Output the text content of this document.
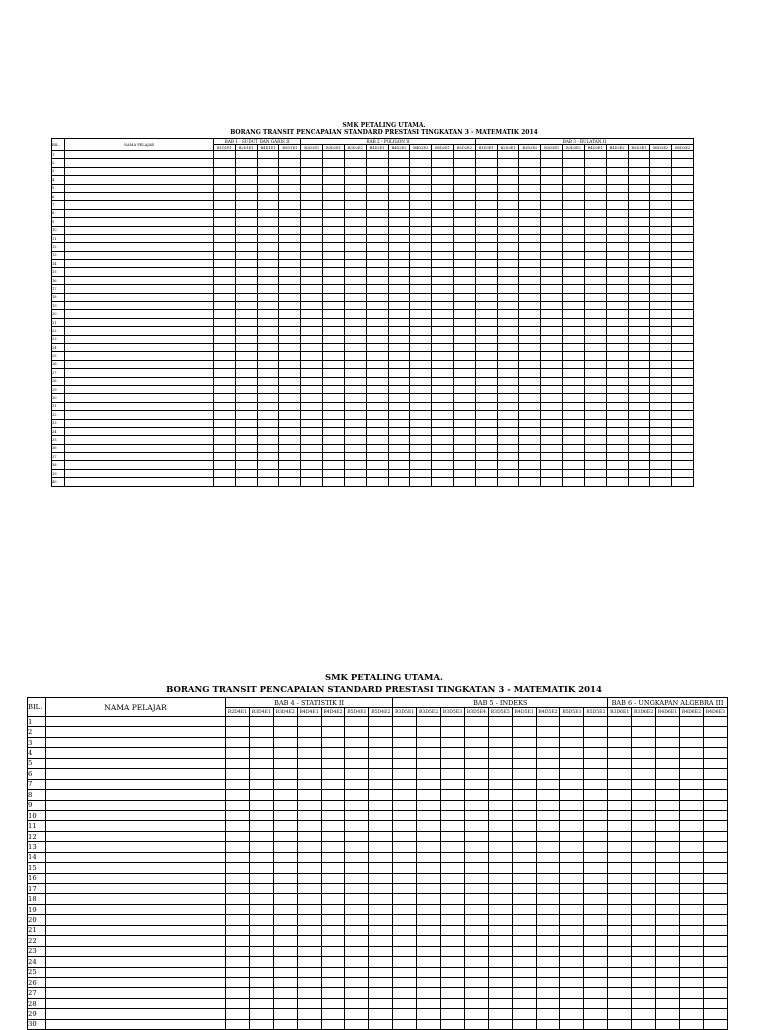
SMK PETALING UTAMA.
BORANG TRANSIT PENCAPAIAN STANDARD PRESTASI TINGKATAN 3 - MATEMATIK 2014
BIL.	NAMA PELAJAR	BAB 1 - SUDUT DAN GARIS II				BAB 2 - POLIGON II								BAB 3 - BULATAN II									
		B1D1E1	B2D1E1	B4D1E1	B5D1E1	B2D2E1	B3D2E1	B3D2E2	B4D2E1	B4D2E2	B4D2E3	B5D2E1	B5D2E2	B1D3E1	B2D3E1	B2D3E2	B3D3E1	B3D3E2	B4D3E1	B4D3E2	B5D3E1	B5D3E2	B5D3E3
1																							
2																							
3																							
4																							
5																							
6																							
7																							
8																							
9																							
10																							
11																							
12																							
13																							
14																							
15																							
16																							
17																							
18																							
19																							
20																							
21																							
22																							
23																							
24																							
25																							
26																							
27																							
28																							
29																							
30																							
31																							
32																							
33																							
34																							
35																							
36																							
37																							
38																							
39																							
40																							
SMK PETALING UTAMA.
BORANG TRANSIT PENCAPAIAN STANDARD PRESTASI TINGKATAN 3 - MATEMATIK 2014
BIL.	NAMA PELAJAR	BAB 4 - STATISTIK II							BAB 5 - INDEKS									BAB 6 - UNGKAPAN ALGEBRA III				
		B2D4E1	B3D4E1	B3D4E2	B4D4E1	B4D4E2	B5D4E1	B5D4E2	B3D5E1	B3D5E2	B3D5E3	B3D5E4	B3D5E5	B4D5E1	B4D5E2	B5D5E1	B5D5E2	B3D6E1	B3D6E2	B4D6E1	B4D6E2	B4D6E3
1																						
2																						
3																						
4																						
5																						
6																						
7																						
8																						
9																						
10																						
11																						
12																						
13																						
14																						
15																						
16																						
17																						
18																						
19																						
20																						
21																						
22																						
23																						
24																						
25																						
26																						
27																						
28																						
29																						
30																						
